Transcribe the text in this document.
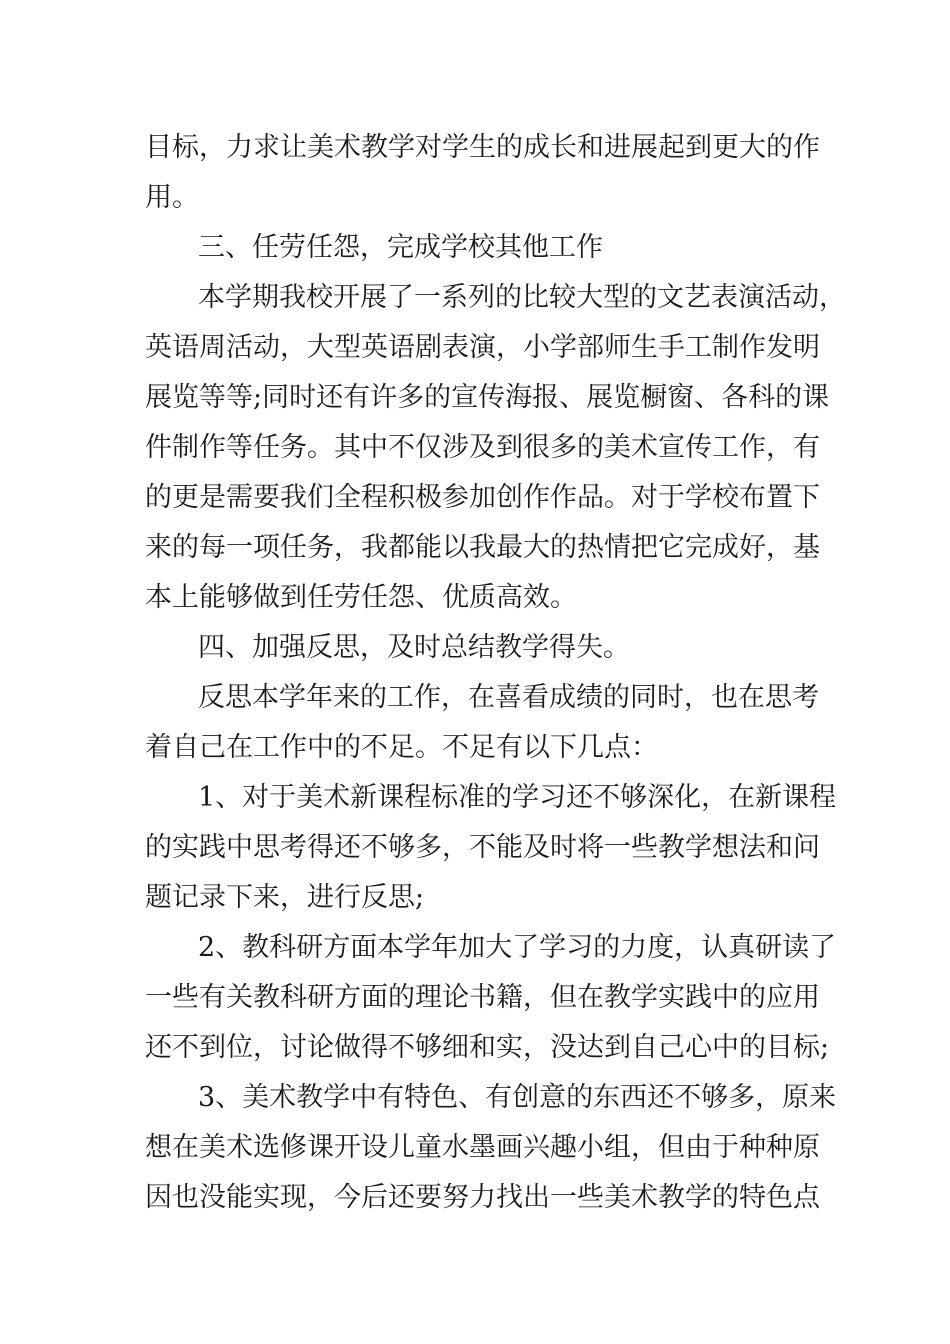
目标，力求让美术教学对学生的成长和进展起到更大的作
用。
三、任劳任怨，完成学校其他工作
本学期我校开展了一系列的比较大型的文艺表演活动，
英语周活动，大型英语剧表演，小学部师生手工制作发明
展览等等;同时还有许多的宣传海报、展览橱窗、各科的课
件制作等任务。其中不仅涉及到很多的美术宣传工作，有
的更是需要我们全程积极参加创作作品。对于学校布置下
来的每一项任务，我都能以我最大的热情把它完成好，基
本上能够做到任劳任怨、优质高效。
四、加强反思，及时总结教学得失。
反思本学年来的工作，在喜看成绩的同时，也在思考
着自己在工作中的不足。不足有以下几点：
1、对于美术新课程标准的学习还不够深化，在新课程
的实践中思考得还不够多，不能及时将一些教学想法和问
题记录下来，进行反思;
2、教科研方面本学年加大了学习的力度，认真研读了
一些有关教科研方面的理论书籍，但在教学实践中的应用
还不到位，讨论做得不够细和实，没达到自己心中的目标;
3、美术教学中有特色、有创意的东西还不够多，原来
想在美术选修课开设儿童水墨画兴趣小组，但由于种种原
因也没能实现，今后还要努力找出一些美术教学的特色点
